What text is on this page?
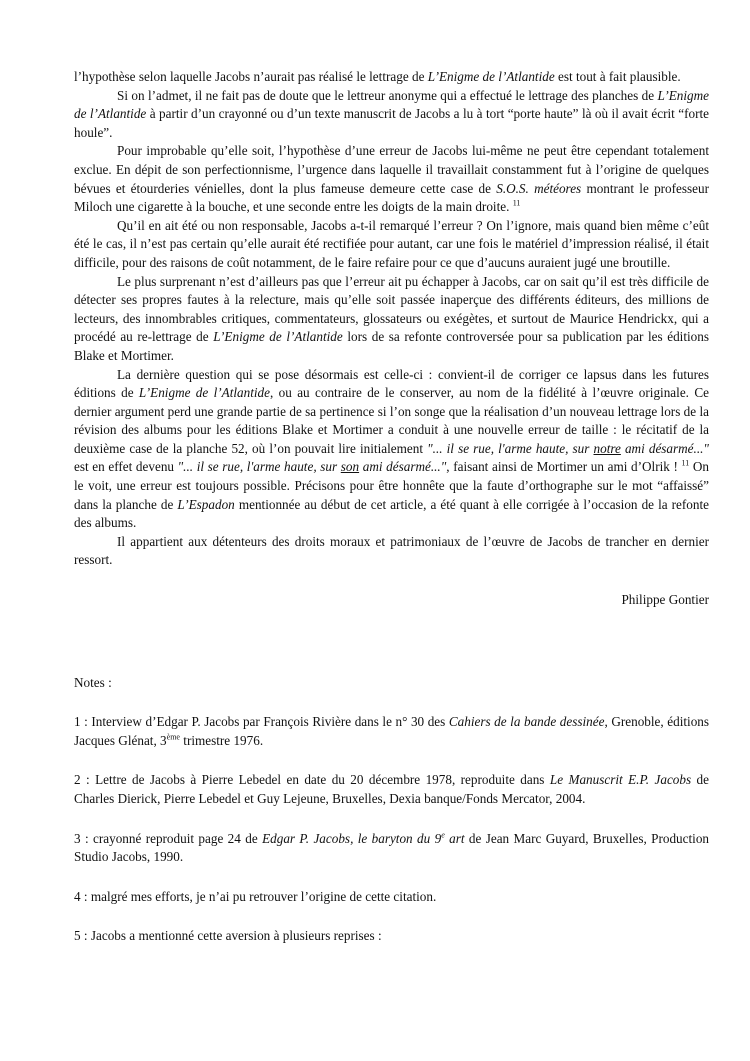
l’hypothèse selon laquelle Jacobs n’aurait pas réalisé le lettrage de L’Enigme de l’Atlantide est tout à fait plausible.

Si on l’admet, il ne fait pas de doute que le lettreur anonyme qui a effectué le lettrage des planches de L’Enigme de l’Atlantide à partir d’un crayonné ou d’un texte manuscrit de Jacobs a lu à tort “porte haute” là où il avait écrit “forte houle”.

Pour improbable qu’elle soit, l’hypothèse d’une erreur de Jacobs lui-même ne peut être cependant totalement exclue. En dépit de son perfectionnisme, l’urgence dans laquelle il travaillait constamment fut à l’origine de quelques bévues et étourderies vénielles, dont la plus fameuse demeure cette case de S.O.S. météores montrant le professeur Miloch une cigarette à la bouche, et une seconde entre les doigts de la main droite. $^{11}$

Qu’il en ait été ou non responsable, Jacobs a-t-il remarqué l’erreur ? On l’ignore, mais quand bien même c’eût été le cas, il n’est pas certain qu’elle aurait été rectifiée pour autant, car une fois le matériel d’impression réalisé, il était difficile, pour des raisons de coût notamment, de le faire refaire pour ce que d’aucuns auraient jugé une broutille.

Le plus surprenant n’est d’ailleurs pas que l’erreur ait pu échapper à Jacobs, car on sait qu’il est très difficile de détecter ses propres fautes à la relecture, mais qu’elle soit passée inaperçue des différents éditeurs, des millions de lecteurs, des innombrables critiques, commentateurs, glossateurs ou exégètes, et surtout de Maurice Hendrickx, qui a procédé au re-lettrage de L’Enigme de l’Atlantide lors de sa refonte controversée pour sa publication par les éditions Blake et Mortimer.

La dernière question qui se pose désormais est celle-ci : convient-il de corriger ce lapsus dans les futures éditions de L’Enigme de l’Atlantide, ou au contraire de le conserver, au nom de la fidélité à l’œuvre originale. Ce dernier argument perd une grande partie de sa pertinence si l’on songe que la réalisation d’un nouveau lettrage lors de la révision des albums pour les éditions Blake et Mortimer a conduit à une nouvelle erreur de taille : le récitatif de la deuxième case de la planche 52, où l’on pouvait lire initialement "... il se rue, l'arme haute, sur notre ami désarmé..." est en effet devenu "... il se rue, l'arme haute, sur son ami désarmé...", faisant ainsi de Mortimer un ami d’Olrik ! $^{11}$ On le voit, une erreur est toujours possible. Précisons pour être honnête que la faute d’orthographe sur le mot “affaissé” dans la planche de L’Espadon mentionnée au début de cet article, a été quant à elle corrigée à l’occasion de la refonte des albums.

Il appartient aux détenteurs des droits moraux et patrimoniaux de l’œuvre de Jacobs de trancher en dernier ressort.

Philippe Gontier

Notes :

1 : Interview d’Edgar P. Jacobs par François Rivière dans le n° 30 des Cahiers de la bande dessinée, Grenoble, éditions Jacques Glénat, 3ème trimestre 1976.

2 : Lettre de Jacobs à Pierre Lebedel en date du 20 décembre 1978, reproduite dans Le Manuscrit E.P. Jacobs de Charles Dierick, Pierre Lebedel et Guy Lejeune, Bruxelles, Dexia banque/Fonds Mercator, 2004.

3 : crayonné reproduit page 24 de Edgar P. Jacobs, le baryton du 9e art de Jean Marc Guyard, Bruxelles, Production Studio Jacobs, 1990.

4 : malgré mes efforts, je n’ai pu retrouver l’origine de cette citation.

5 : Jacobs a mentionné cette aversion à plusieurs reprises :
